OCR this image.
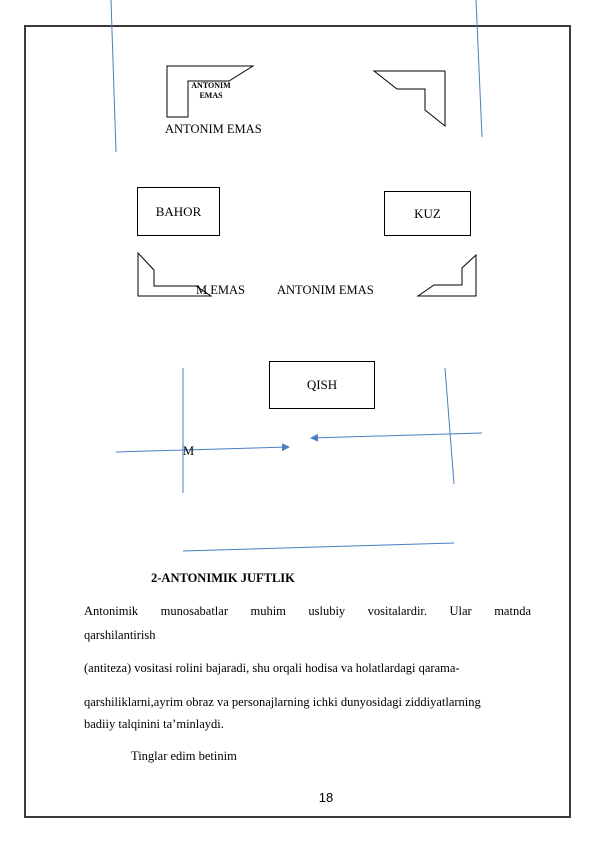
ANTONIM EMAS
ANTONIM EMAS
BAHOR	KUZ
M EMAS	ANTONIM EMAS
QISH
M
2-ANTONIMIK JUFTLIK
Antonimik munosabatlar muhim uslubiy vositalardir. Ular matnda
qarshilantirish
(antiteza) vositasi rolini bajaradi, shu orqali hodisa va holatlardagi qarama-
qarshiliklarni,ayrim obraz va personajlarning ichki dunyosidagi ziddiyatlarning
badiiy talqinini ta’minlaydi.
Tinglar edim betinim
18
